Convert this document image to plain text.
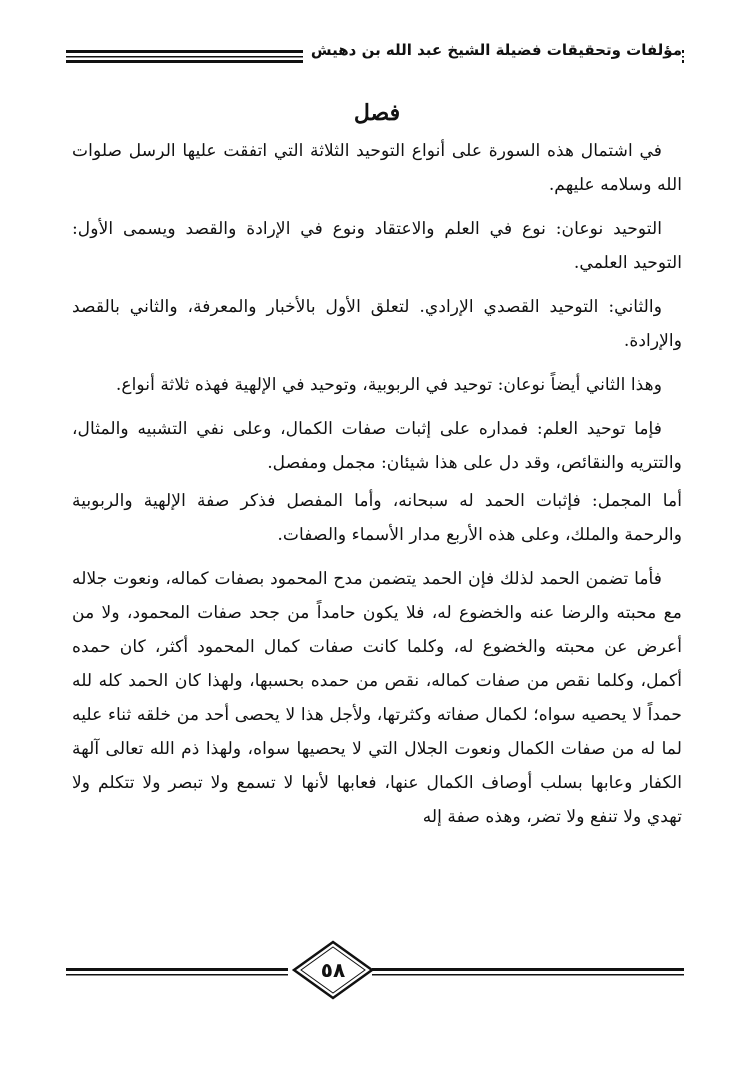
مؤلفات وتحقيقات فضيلة الشيخ عبد الله بن دهيش
فصل

في اشتمال هذه السورة على أنواع التوحيد الثلاثة التي اتفقت عليها الرسل صلوات الله وسلامه عليهم.

التوحيد نوعان: نوع في العلم والاعتقاد ونوع في الإرادة والقصد ويسمى الأول: التوحيد العلمي.

والثاني: التوحيد القصدي الإرادي. لتعلق الأول بالأخبار والمعرفة، والثاني بالقصد والإرادة.

وهذا الثاني أيضاً نوعان: توحيد في الربوبية، وتوحيد في الإلهية فهذه ثلاثة أنواع.

فإما توحيد العلم: فمداره على إثبات صفات الكمال، وعلى نفي التشبيه والمثال، والتتريه والنقائص، وقد دل على هذا شيئان: مجمل ومفصل.

أما المجمل: فإثبات الحمد له سبحانه، وأما المفصل فذكر صفة الإلهية والربوبية والرحمة والملك، وعلى هذه الأربع مدار الأسماء والصفات.

فأما تضمن الحمد لذلك فإن الحمد يتضمن مدح المحمود بصفات كماله، ونعوت جلاله مع محبته والرضا عنه والخضوع له، فلا يكون حامداً من جحد صفات المحمود، ولا من أعرض عن محبته والخضوع له، وكلما كانت صفات كمال المحمود أكثر، كان حمده أكمل، وكلما نقص من صفات كماله، نقص من حمده بحسبها، ولهذا كان الحمد كله لله حمداً لا يحصيه سواه؛ لكمال صفاته وكثرتها، ولأجل هذا لا يحصى أحد من خلقه ثناء عليه لما له من صفات الكمال ونعوت الجلال التي لا يحصيها سواه، ولهذا ذم الله تعالى آلهة الكفار وعابها بسلب أوصاف الكمال عنها، فعابها لأنها لا تسمع ولا تبصر ولا تتكلم ولا تهدي ولا تنفع ولا تضر، وهذه صفة إله

٥٨
